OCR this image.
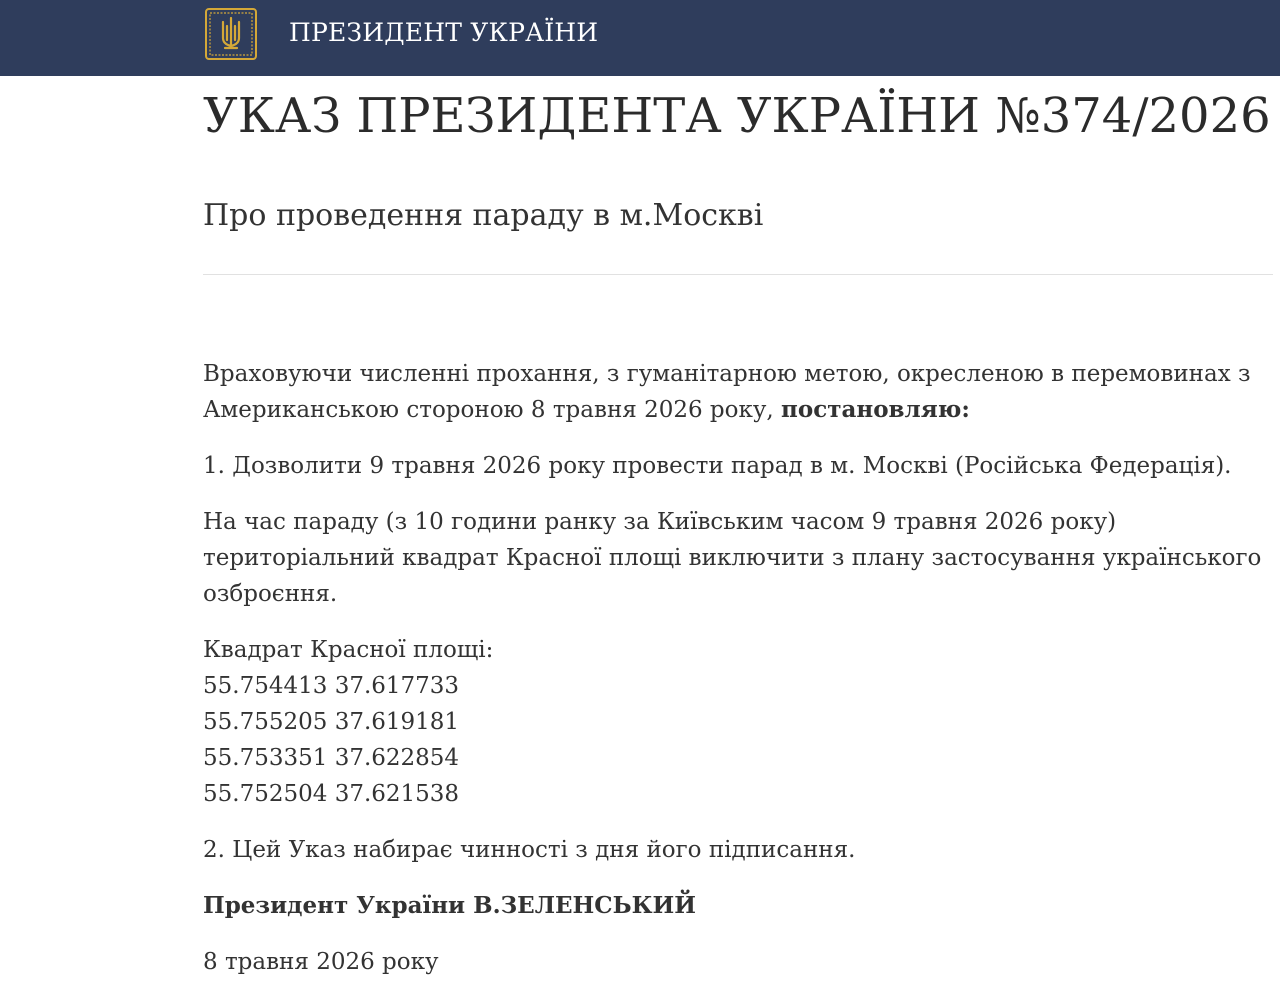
ПРЕЗИДЕНТ УКРАЇНИ
УКАЗ ПРЕЗИДЕНТА УКРАЇНИ №374/2026
Про проведення параду в м.Москві

Враховуючи численні прохання, з гуманітарною метою, окресленою в перемовинах з
Американською стороною 8 травня 2026 року, постановляю:

1. Дозволити 9 травня 2026 року провести парад в м. Москві (Російська Федерація).

На час параду (з 10 години ранку за Київським часом 9 травня 2026 року)
територіальний квадрат Красної площі виключити з плану застосування українського
озброєння.

Квадрат Красної площі:
55.754413 37.617733
55.755205 37.619181
55.753351 37.622854
55.752504 37.621538

2. Цей Указ набирає чинності з дня його підписання.

Президент України В.ЗЕЛЕНСЬКИЙ

8 травня 2026 року
